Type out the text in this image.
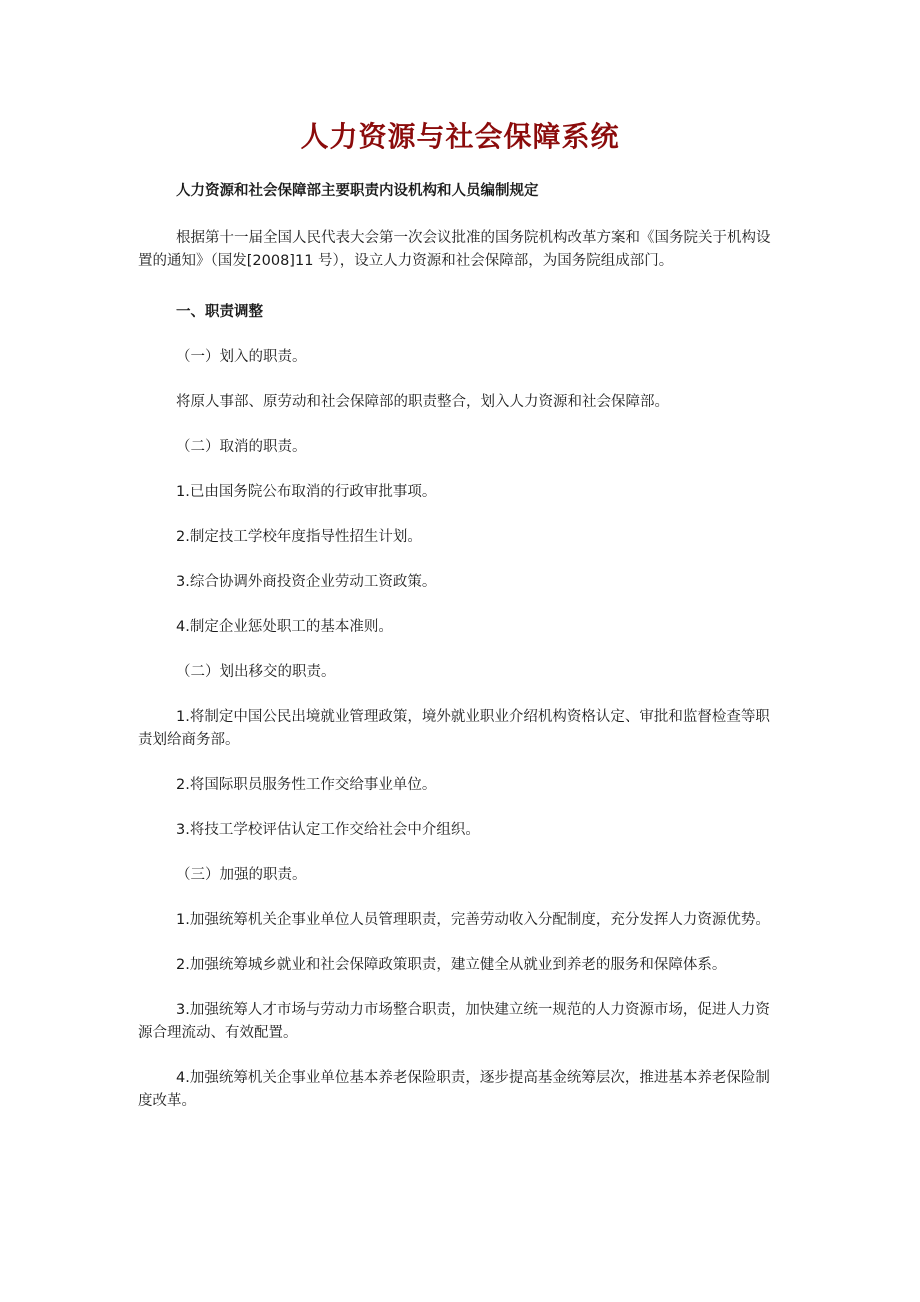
人力资源与社会保障系统

人力资源和社会保障部主要职责内设机构和人员编制规定

根据第十一届全国人民代表大会第一次会议批准的国务院机构改革方案和《国务院关于机构设置的通知》（国发[2008]11 号），设立人力资源和社会保障部，为国务院组成部门。

一、职责调整

（一）划入的职责。

将原人事部、原劳动和社会保障部的职责整合，划入人力资源和社会保障部。

（二）取消的职责。

1.已由国务院公布取消的行政审批事项。

2.制定技工学校年度指导性招生计划。

3.综合协调外商投资企业劳动工资政策。

4.制定企业惩处职工的基本准则。

（二）划出移交的职责。

1.将制定中国公民出境就业管理政策，境外就业职业介绍机构资格认定、审批和监督检查等职责划给商务部。

2.将国际职员服务性工作交给事业单位。

3.将技工学校评估认定工作交给社会中介组织。

（三）加强的职责。

1.加强统筹机关企事业单位人员管理职责，完善劳动收入分配制度，充分发挥人力资源优势。

2.加强统筹城乡就业和社会保障政策职责，建立健全从就业到养老的服务和保障体系。

3.加强统筹人才市场与劳动力市场整合职责，加快建立统一规范的人力资源市场，促进人力资源合理流动、有效配置。

4.加强统筹机关企事业单位基本养老保险职责，逐步提高基金统筹层次，推进基本养老保险制度改革。
